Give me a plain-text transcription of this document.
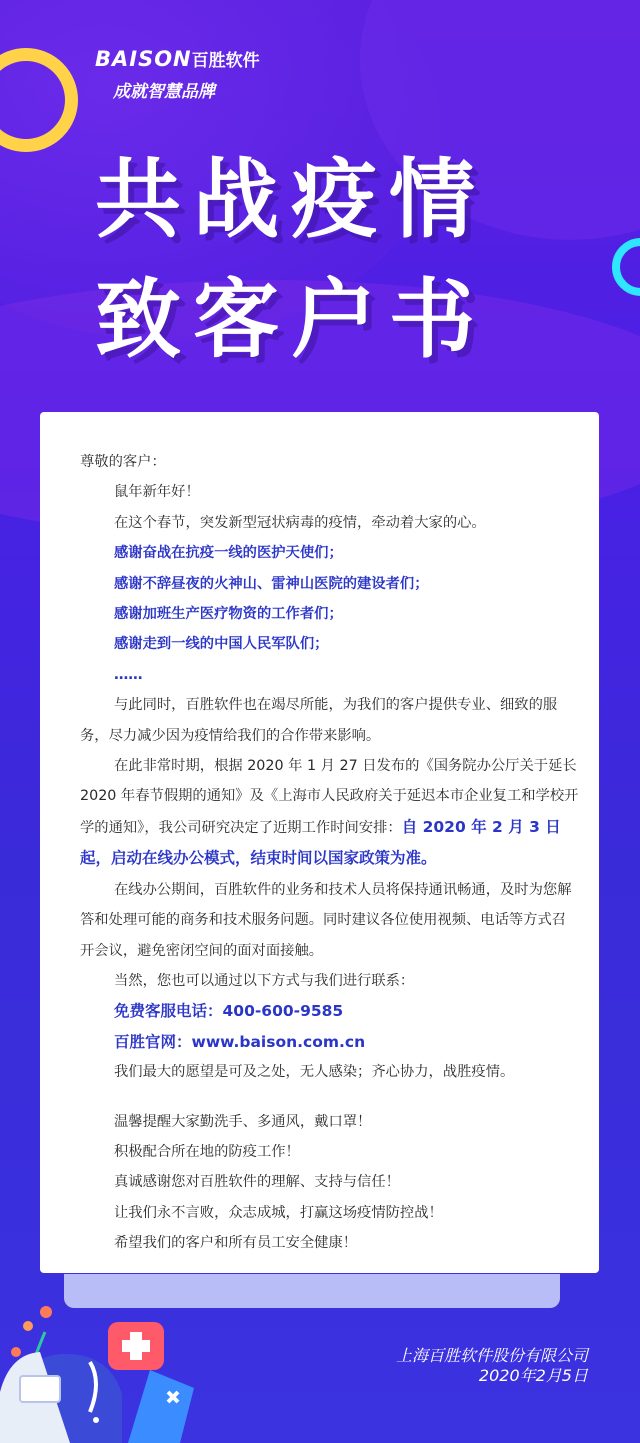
BAISON百胜软件
成就智慧品牌
共战疫情
致客户书

尊敬的客户：

鼠年新年好！

在这个春节，突发新型冠状病毒的疫情，牵动着大家的心。

感谢奋战在抗疫一线的医护天使们；

感谢不辞昼夜的火神山、雷神山医院的建设者们；

感谢加班生产医疗物资的工作者们；

感谢走到一线的中国人民军队们；

……

与此同时，百胜软件也在竭尽所能，为我们的客户提供专业、细致的服务，尽力减少因为疫情给我们的合作带来影响。

在此非常时期，根据 2020 年 1 月 27 日发布的《国务院办公厅关于延长 2020 年春节假期的通知》及《上海市人民政府关于延迟本市企业复工和学校开学的通知》，我公司研究决定了近期工作时间安排：自 2020 年 2 月 3 日起，启动在线办公模式，结束时间以国家政策为准。

在线办公期间，百胜软件的业务和技术人员将保持通讯畅通，及时为您解答和处理可能的商务和技术服务问题。同时建议各位使用视频、电话等方式召开会议，避免密闭空间的面对面接触。

当然，您也可以通过以下方式与我们进行联系：

免费客服电话：400-600-9585

百胜官网：www.baison.com.cn

我们最大的愿望是可及之处，无人感染；齐心协力，战胜疫情。

温馨提醒大家勤洗手、多通风，戴口罩！

积极配合所在地的防疫工作！

真诚感谢您对百胜软件的理解、支持与信任！

让我们永不言败，众志成城，打赢这场疫情防控战！

希望我们的客户和所有员工安全健康！

上海百胜软件股份有限公司
2020年2月5日
